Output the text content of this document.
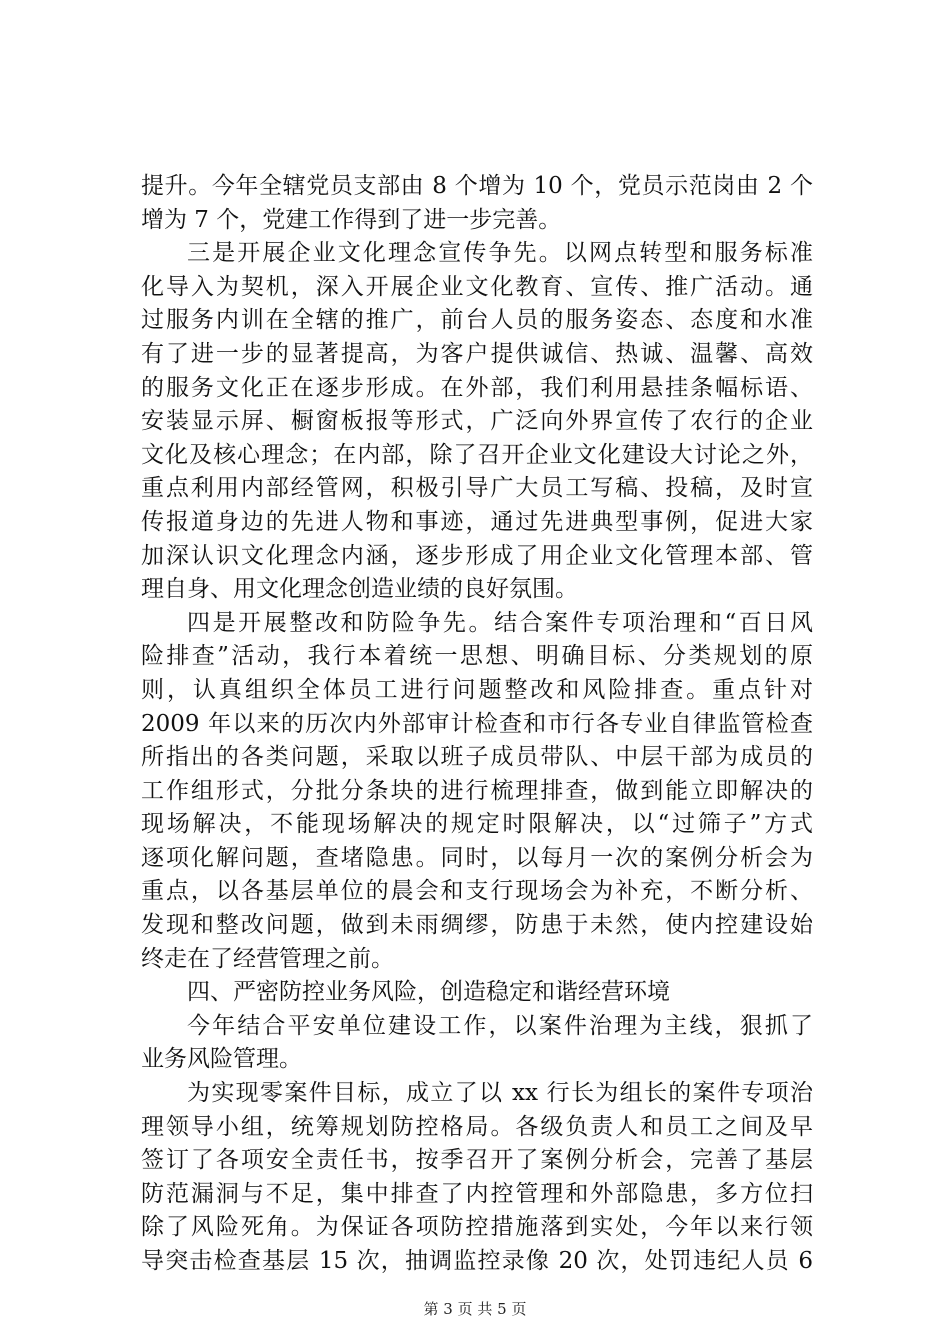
提升。今年全辖党员支部由 8 个增为 10 个，党员示范岗由 2 个
增为 7 个，党建工作得到了进一步完善。
三是开展企业文化理念宣传争先。以网点转型和服务标准
化导入为契机，深入开展企业文化教育、宣传、推广活动。通
过服务内训在全辖的推广，前台人员的服务姿态、态度和水准
有了进一步的显著提高，为客户提供诚信、热诚、温馨、高效
的服务文化正在逐步形成。在外部，我们利用悬挂条幅标语、
安装显示屏、橱窗板报等形式，广泛向外界宣传了农行的企业
文化及核心理念；在内部，除了召开企业文化建设大讨论之外，
重点利用内部经管网，积极引导广大员工写稿、投稿，及时宣
传报道身边的先进人物和事迹，通过先进典型事例，促进大家
加深认识文化理念内涵，逐步形成了用企业文化管理本部、管
理自身、用文化理念创造业绩的良好氛围。
四是开展整改和防险争先。结合案件专项治理和“百日风
险排查”活动，我行本着统一思想、明确目标、分类规划的原
则，认真组织全体员工进行问题整改和风险排查。重点针对
2009 年以来的历次内外部审计检查和市行各专业自律监管检查
所指出的各类问题，采取以班子成员带队、中层干部为成员的
工作组形式，分批分条块的进行梳理排查，做到能立即解决的
现场解决，不能现场解决的规定时限解决，以“过筛子”方式
逐项化解问题，查堵隐患。同时，以每月一次的案例分析会为
重点，以各基层单位的晨会和支行现场会为补充，不断分析、
发现和整改问题，做到未雨绸缪，防患于未然，使内控建设始
终走在了经营管理之前。
四、严密防控业务风险，创造稳定和谐经营环境
今年结合平安单位建设工作，以案件治理为主线，狠抓了
业务风险管理。
为实现零案件目标，成立了以 xx 行长为组长的案件专项治
理领导小组，统筹规划防控格局。各级负责人和员工之间及早
签订了各项安全责任书，按季召开了案例分析会，完善了基层
防范漏洞与不足，集中排查了内控管理和外部隐患，多方位扫
除了风险死角。为保证各项防控措施落到实处，今年以来行领
导突击检查基层 15 次，抽调监控录像 20 次，处罚违纪人员 6
第 3 页 共 5 页
